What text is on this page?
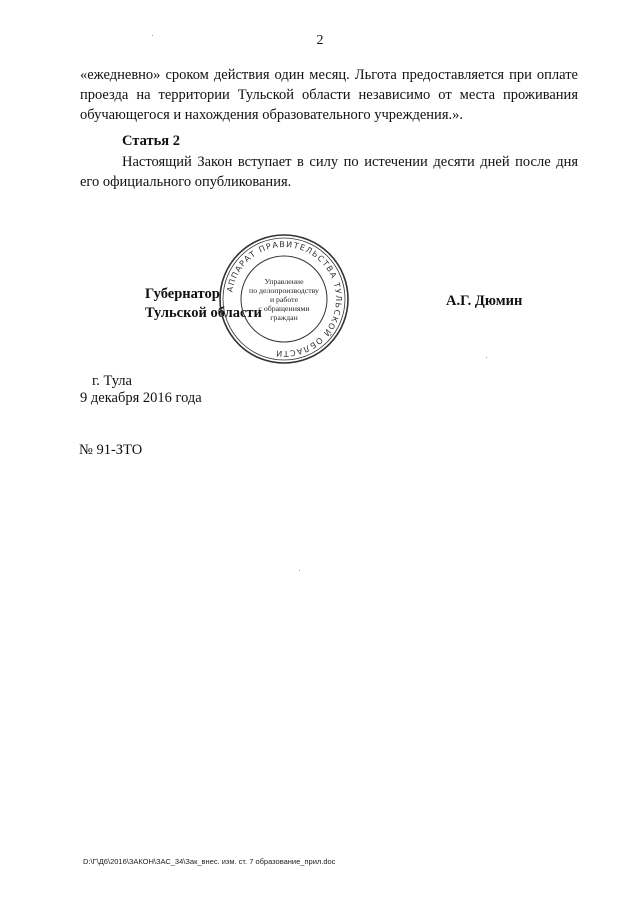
2
«ежедневно» сроком действия один месяц. Льгота предоставляется при оплате проезда на территории Тульской области независимо от места проживания обучающегося и нахождения образовательного учреждения.».
Статья 2
Настоящий Закон вступает в силу по истечении десяти дней после дня его официального опубликования.
Губернатор
Тульской области
АППАРАТ ПРАВИТЕЛЬСТВА ТУЛЬСКОЙ ОБЛАСТИ
Управление
по делопроизводству
и работе
с обращениями
граждан
А.Г. Дюмин
г. Тула
9 декабря 2016 года
№ 91-ЗТО
D:\Г\Д6\2016\ЗАКОН\ЗАС_34\Зак_внес. изм. ст. 7 образование_прил.doc
